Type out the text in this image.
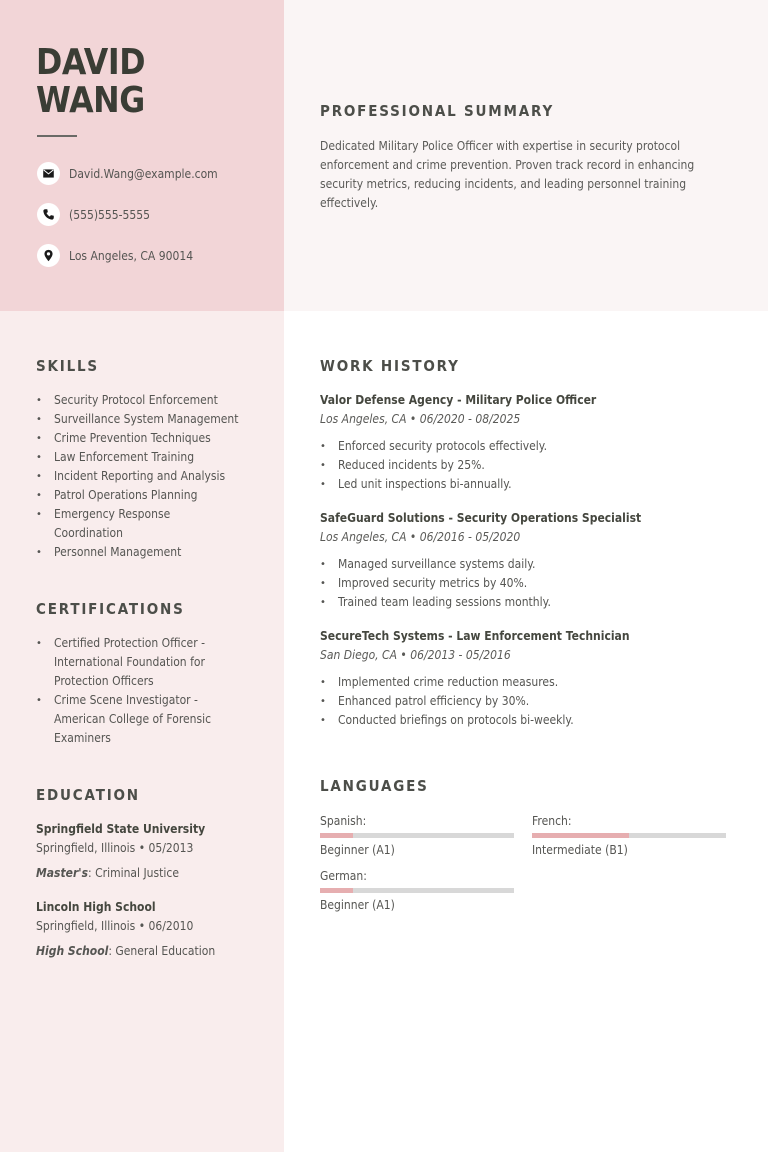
DAVID
WANG
David.Wang@example.com
(555)555-5555
Los Angeles, CA 90014
PROFESSIONAL SUMMARY
Dedicated Military Police Officer with expertise in security protocol enforcement and crime prevention. Proven track record in enhancing security metrics, reducing incidents, and leading personnel training effectively.
SKILLS
• Security Protocol Enforcement
• Surveillance System Management
• Crime Prevention Techniques
• Law Enforcement Training
• Incident Reporting and Analysis
• Patrol Operations Planning
• Emergency Response
Coordination
• Personnel Management
CERTIFICATIONS
• Certified Protection Officer -
International Foundation for
Protection Officers
• Crime Scene Investigator -
American College of Forensic
Examiners
EDUCATION
Springfield State University
Springfield, Illinois • 05/2013
Master's: Criminal Justice
Lincoln High School
Springfield, Illinois • 06/2010
High School: General Education
WORK HISTORY
Valor Defense Agency - Military Police Officer
Los Angeles, CA • 06/2020 - 08/2025
• Enforced security protocols effectively.
• Reduced incidents by 25%.
• Led unit inspections bi-annually.
SafeGuard Solutions - Security Operations Specialist
Los Angeles, CA • 06/2016 - 05/2020
• Managed surveillance systems daily.
• Improved security metrics by 40%.
• Trained team leading sessions monthly.
SecureTech Systems - Law Enforcement Technician
San Diego, CA • 06/2013 - 05/2016
• Implemented crime reduction measures.
• Enhanced patrol efficiency by 30%.
• Conducted briefings on protocols bi-weekly.
LANGUAGES
Spanish:
Beginner (A1)
French:
Intermediate (B1)
German:
Beginner (A1)
